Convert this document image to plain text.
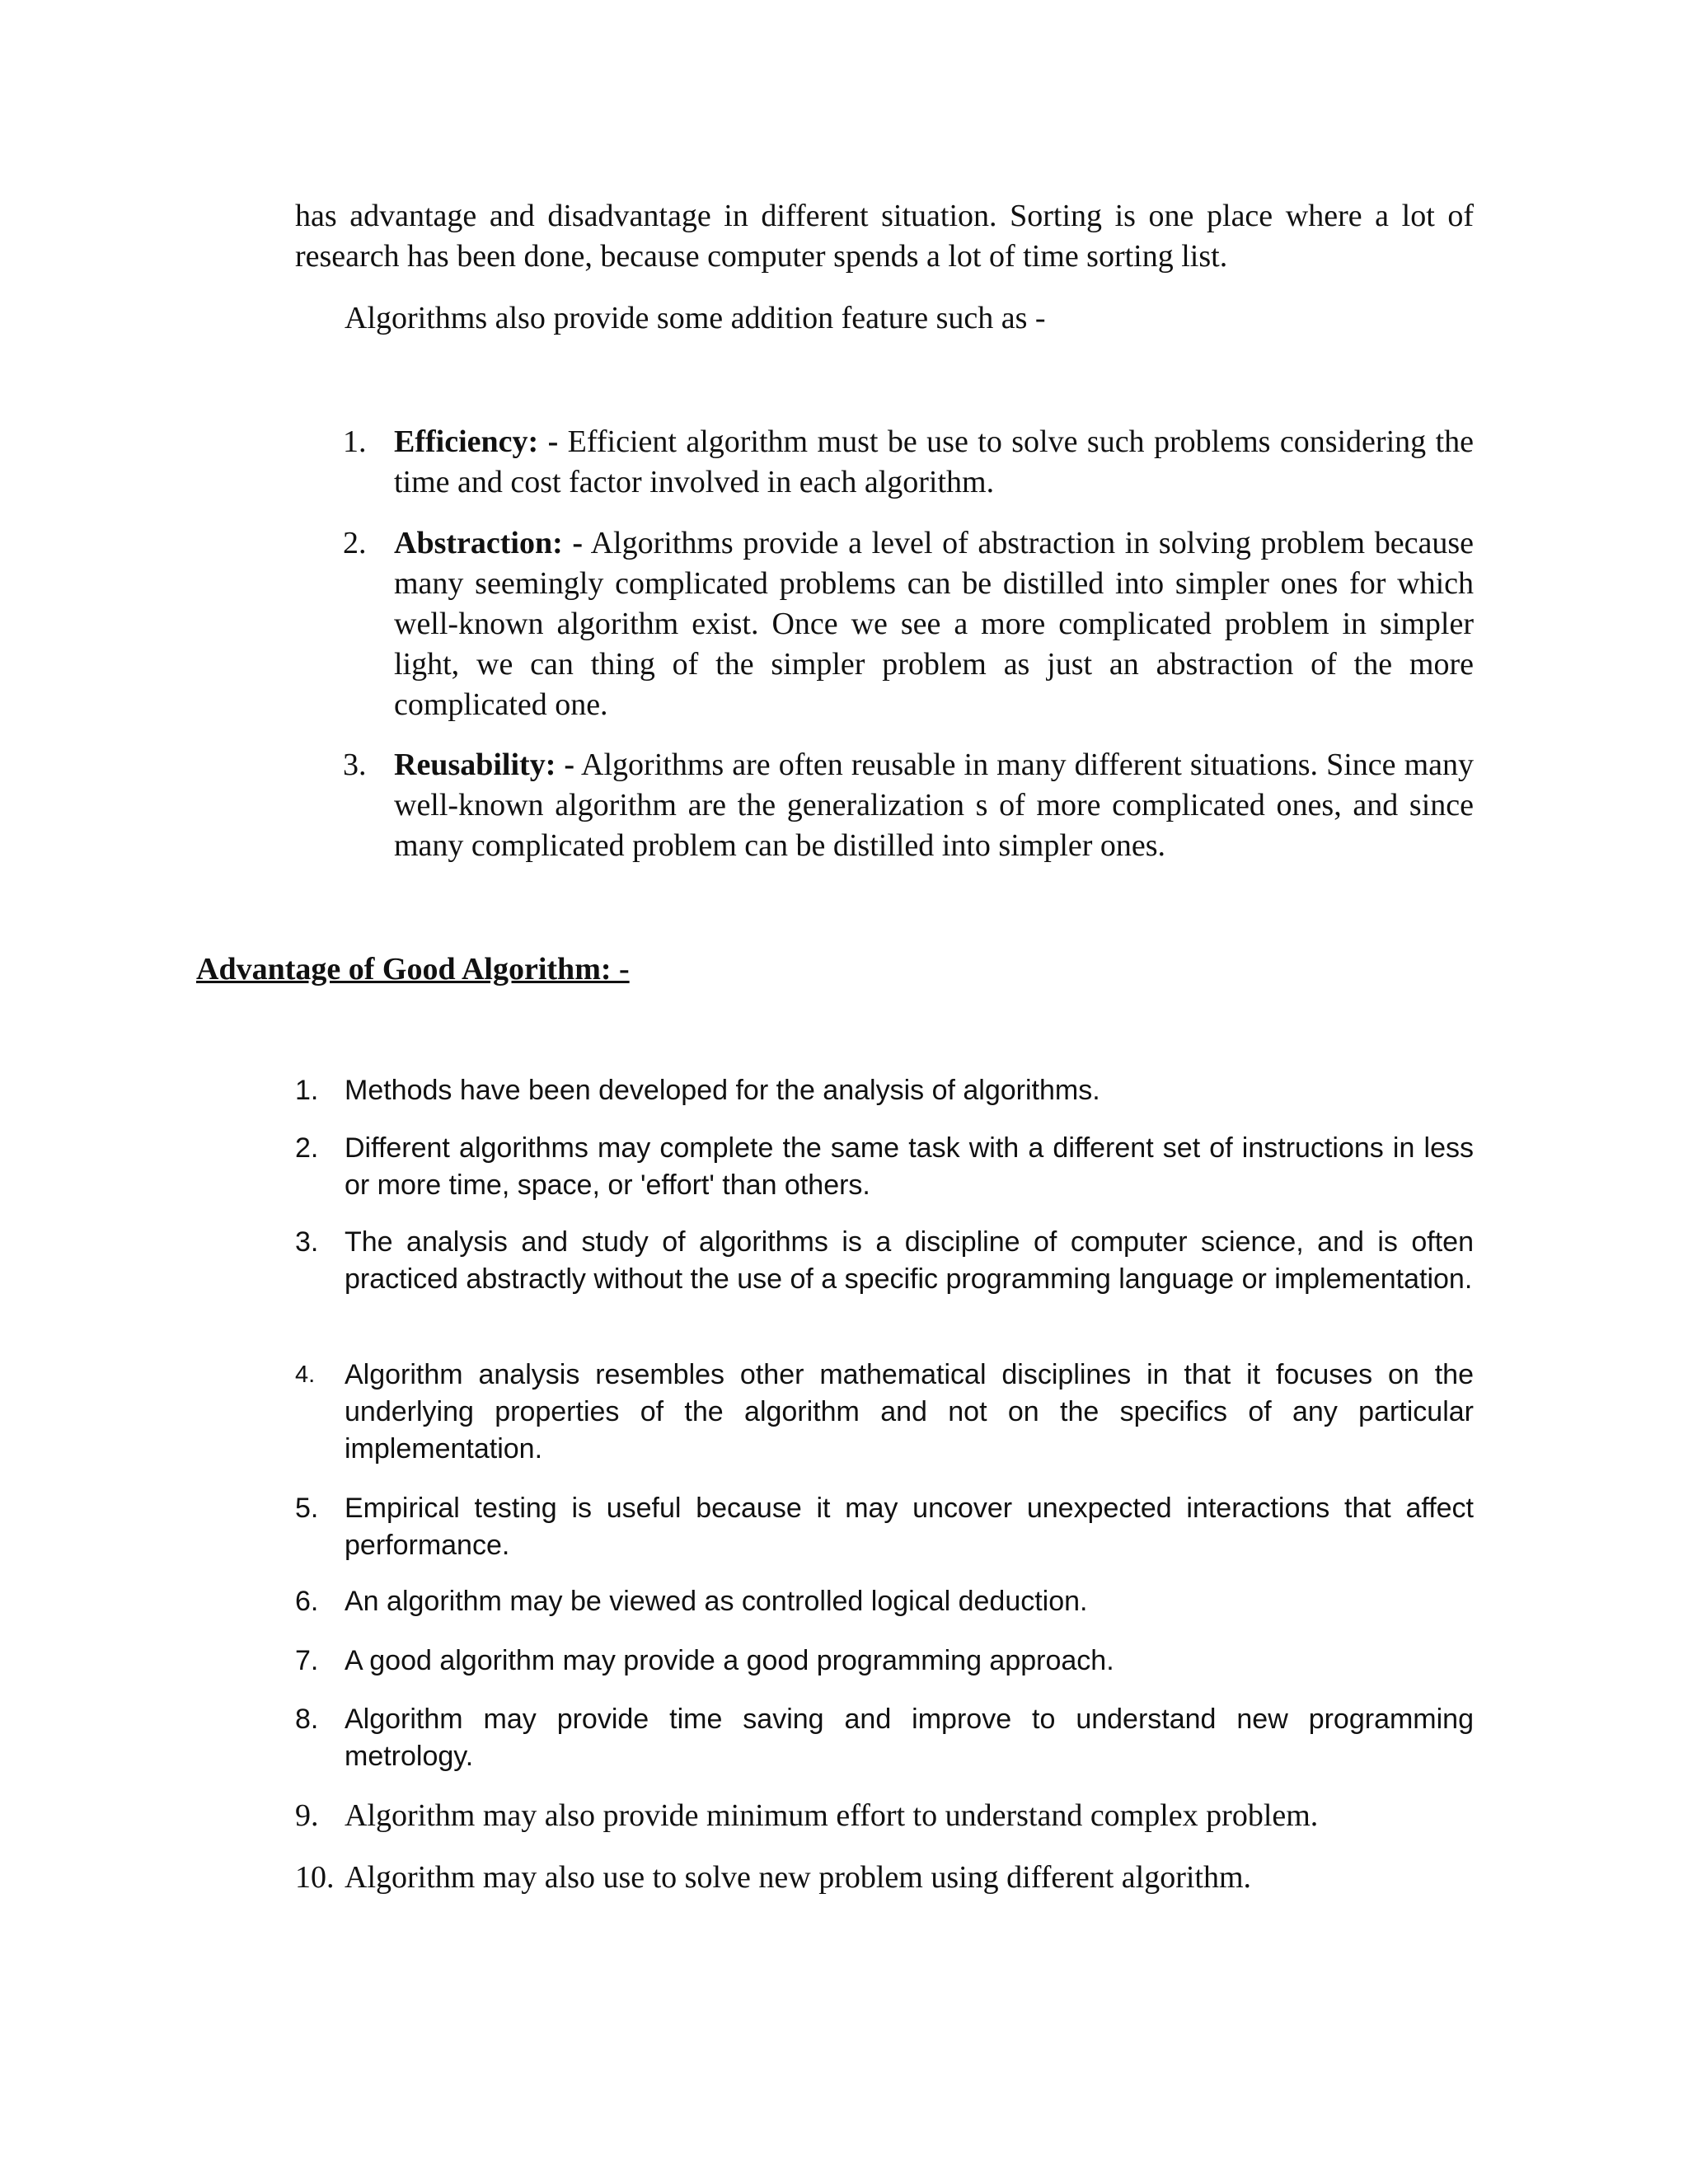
has advantage and disadvantage in different situation. Sorting is one place where a lot of research has been done, because computer spends a lot of time sorting list.

Algorithms also provide some addition feature such as -

1. Efficiency: - Efficient algorithm must be use to solve such problems considering the time and cost factor involved in each algorithm.
2. Abstraction: - Algorithms provide a level of abstraction in solving problem because many seemingly complicated problems can be distilled into simpler ones for which well-known algorithm exist. Once we see a more complicated problem in simpler light, we can thing of the simpler problem as just an abstraction of the more complicated one.
3. Reusability: - Algorithms are often reusable in many different situations. Since many well-known algorithm are the generalization s of more complicated ones, and since many complicated problem can be distilled into simpler ones.
Advantage of Good Algorithm: -
1. Methods have been developed for the analysis of algorithms.
2. Different algorithms may complete the same task with a different set of instructions in less or more time, space, or 'effort' than others.
3. The analysis and study of algorithms is a discipline of computer science, and is often practiced abstractly without the use of a specific programming language or implementation.
4.	Algorithm analysis resembles other mathematical disciplines in that it focuses on the underlying properties of the algorithm and not on the specifics of any particular implementation.
5. Empirical testing is useful because it may uncover unexpected interactions that affect performance.
6. An algorithm may be viewed as controlled logical deduction.
7. A good algorithm may provide a good programming approach.
8. Algorithm may provide time saving and improve to understand new programming metrology.
9. Algorithm may also provide minimum effort to understand complex problem.
10. Algorithm may also use to solve new problem using different algorithm.
